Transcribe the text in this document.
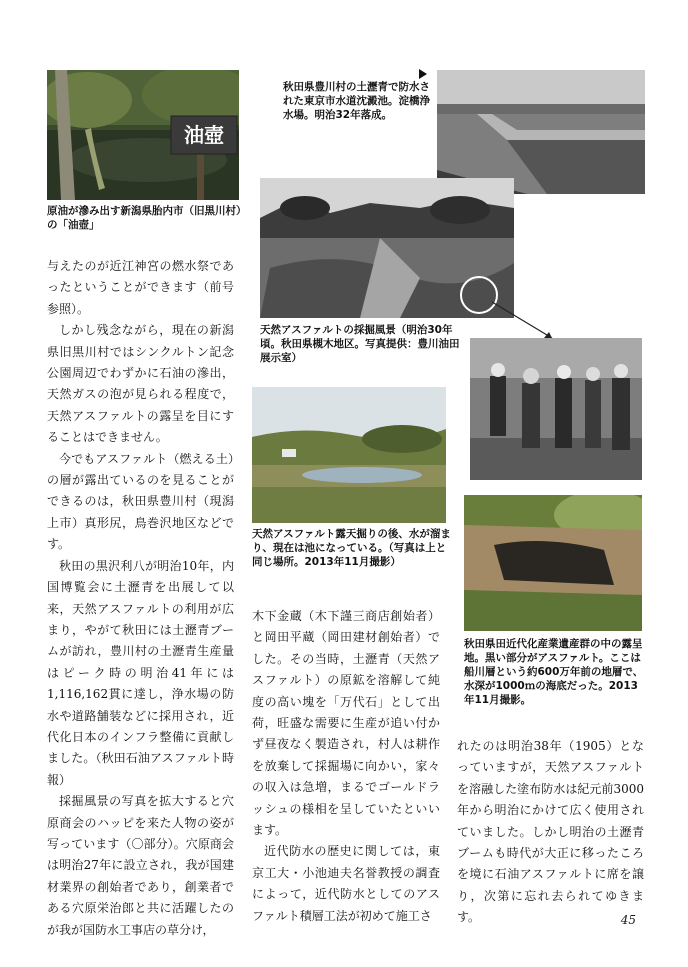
油壺
原油が滲み出す新潟県胎内市（旧黒川村）の「油壺」
秋田県豊川村の土瀝青で防水された東京市水道沈澱池。淀橋浄水場。明治32年落成。
天然アスファルトの採掘風景（明治30年頃。秋田県槻木地区。写真提供：豊川油田展示室）
天然アスファルト露天掘りの後、水が溜まり、現在は池になっている。（写真は上と同じ場所。2013年11月撮影）
秋田県田近代化産業遺産群の中の露呈地。黒い部分がアスファルト。ここは船川層という約600万年前の地層で、水深が1000ｍの海底だった。2013年11月撮影。

与えたのが近江神宮の燃水祭であったということができます（前号参照）。

しかし残念ながら，現在の新潟県旧黒川村ではシンクルトン記念公園周辺でわずかに石油の滲出，天然ガスの泡が見られる程度で，天然アスファルトの露呈を目にすることはできません。

今でもアスファルト（燃える土）の層が露出ているのを見ることができるのは，秋田県豊川村（現潟上市）真形尻，鳥巻沢地区などです。

秋田の黒沢利八が明治10年，内国博覧会に土瀝青を出展して以来，天然アスファルトの利用が広まり，やがて秋田には土瀝青ブームが訪れ，豊川村の土瀝青生産量はピーク時の明治41年には1,116,162貫に達し，浄水場の防水や道路舗装などに採用され，近代化日本のインフラ整備に貢献しました。（秋田石油アスファルト時報）

採掘風景の写真を拡大すると穴原商会のハッピを来た人物の姿が写っています（〇部分）。穴原商会は明治27年に設立され，我が国建材業界の創始者であり，創業者である穴原栄治郎と共に活躍したのが我が国防水工事店の草分け，

木下金蔵（木下謹三商店創始者）と岡田平蔵（岡田建材創始者）でした。その当時，土瀝青（天然アスファルト）の原鉱を溶解して純度の高い塊を「万代石」として出荷，旺盛な需要に生産が追い付かず昼夜なく製造され，村人は耕作を放棄して採掘場に向かい，家々の収入は急増，まるでゴールドラッシュの様相を呈していたといいます。

近代防水の歴史に関しては，東京工大・小池迪夫名誉教授の調査によって，近代防水としてのアスファルト積層工法が初めて施工さ

れたのは明治38年（1905）となっていますが，天然アスファルトを溶融した塗布防水は紀元前3000年から明治にかけて広く使用されていました。しかし明治の土瀝青ブームも時代が大正に移ったころを境に石油アスファルトに席を譲り，次第に忘れ去られてゆきます。	45
